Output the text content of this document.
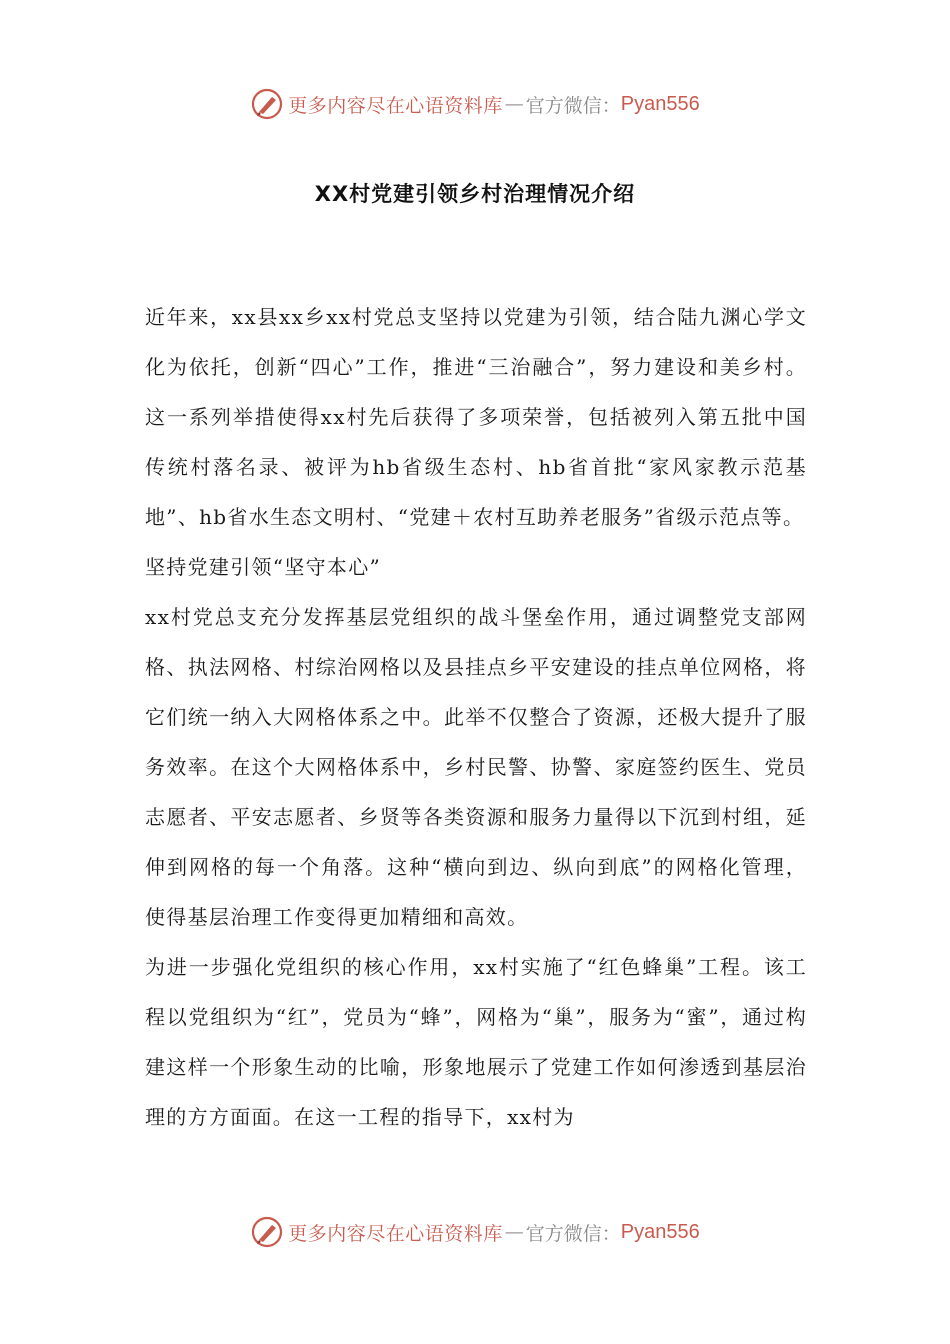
更多内容尽在心语资料库 — 官方微信： Pyan556
XX村党建引领乡村治理情况介绍

近年来，xx县xx乡xx村党总支坚持以党建为引领，结合陆九渊心学文化为依托，创新“四心”工作，推进“三治融合”，努力建设和美乡村。这一系列举措使得xx村先后获得了多项荣誉，包括被列入第五批中国传统村落名录、被评为hb省级生态村、hb省首批“家风家教示范基地”、hb省水生态文明村、“党建＋农村互助养老服务”省级示范点等。

坚持党建引领“坚守本心”

xx村党总支充分发挥基层党组织的战斗堡垒作用，通过调整党支部网格、执法网格、村综治网格以及县挂点乡平安建设的挂点单位网格，将它们统一纳入大网格体系之中。此举不仅整合了资源，还极大提升了服务效率。在这个大网格体系中，乡村民警、协警、家庭签约医生、党员志愿者、平安志愿者、乡贤等各类资源和服务力量得以下沉到村组，延伸到网格的每一个角落。这种“横向到边、纵向到底”的网格化管理，使得基层治理工作变得更加精细和高效。

为进一步强化党组织的核心作用，xx村实施了“红色蜂巢”工程。该工程以党组织为“红”，党员为“蜂”，网格为“巢”，服务为“蜜”，通过构建这样一个形象生动的比喻，形象地展示了党建工作如何渗透到基层治理的方方面面。在这一工程的指导下，xx村为

更多内容尽在心语资料库 — 官方微信： Pyan556
